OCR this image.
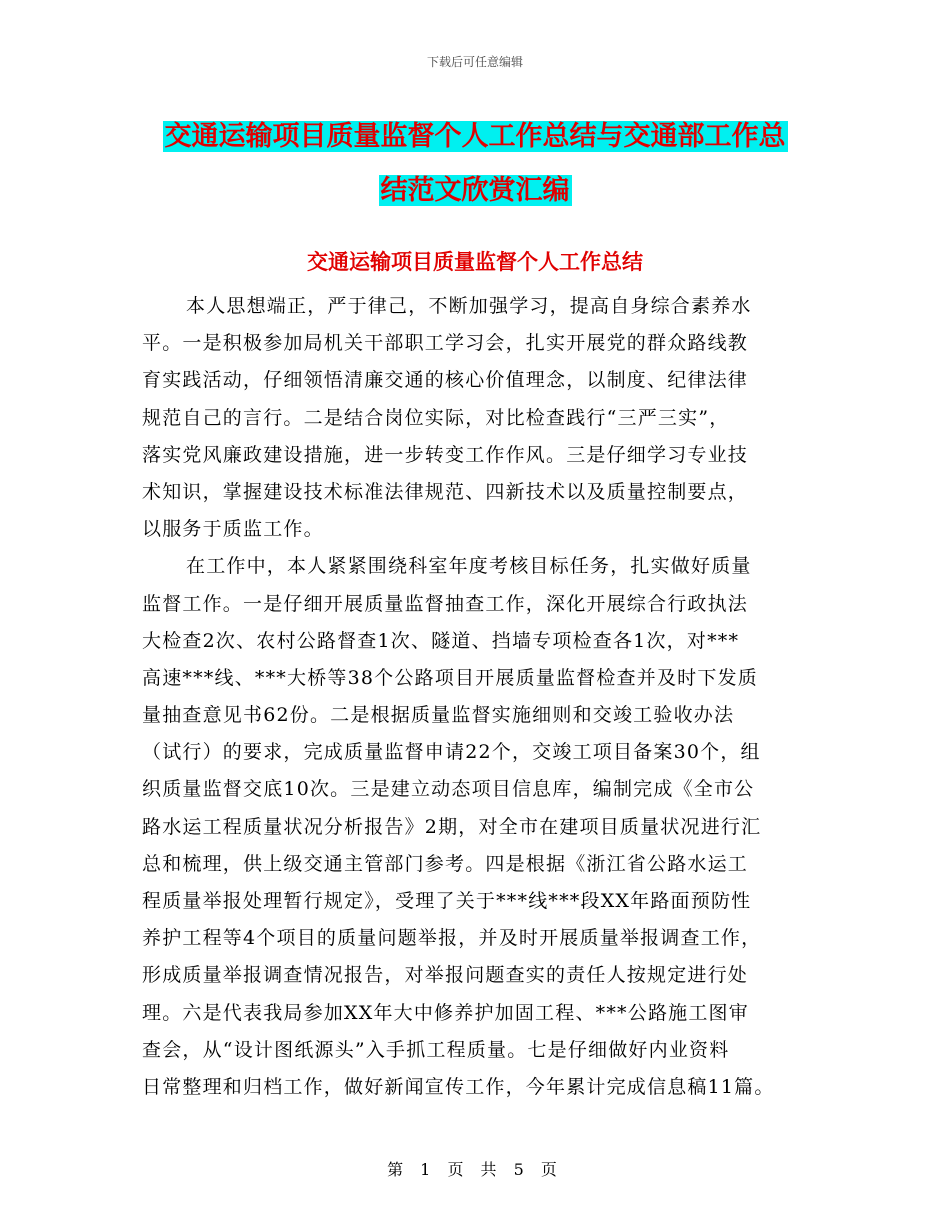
下载后可任意编辑
交通运输项目质量监督个人工作总结与交通部工作总
结范文欣赏汇编
交通运输项目质量监督个人工作总结
本人思想端正，严于律己，不断加强学习，提高自身综合素养水
平。一是积极参加局机关干部职工学习会，扎实开展党的群众路线教
育实践活动，仔细领悟清廉交通的核心价值理念，以制度、纪律法律
规范自己的言行。二是结合岗位实际，对比检查践行“三严三实”，
落实党风廉政建设措施，进一步转变工作作风。三是仔细学习专业技
术知识，掌握建设技术标准法律规范、四新技术以及质量控制要点，
以服务于质监工作。
在工作中，本人紧紧围绕科室年度考核目标任务，扎实做好质量
监督工作。一是仔细开展质量监督抽查工作，深化开展综合行政执法
大检查2次、农村公路督查1次、隧道、挡墙专项检查各1次，对***
高速***线、***大桥等38个公路项目开展质量监督检查并及时下发质
量抽查意见书62份。二是根据质量监督实施细则和交竣工验收办法
（试行）的要求，完成质量监督申请22个，交竣工项目备案30个，组
织质量监督交底10次。三是建立动态项目信息库，编制完成《全市公
路水运工程质量状况分析报告》2期，对全市在建项目质量状况进行汇
总和梳理，供上级交通主管部门参考。四是根据《浙江省公路水运工
程质量举报处理暂行规定》，受理了关于***线***段XX年路面预防性
养护工程等4个项目的质量问题举报，并及时开展质量举报调查工作，
形成质量举报调查情况报告，对举报问题查实的责任人按规定进行处
理。六是代表我局参加XX年大中修养护加固工程、***公路施工图审
查会，从“设计图纸源头”入手抓工程质量。七是仔细做好内业资料
日常整理和归档工作，做好新闻宣传工作，今年累计完成信息稿11篇。
第 1 页 共 5 页
